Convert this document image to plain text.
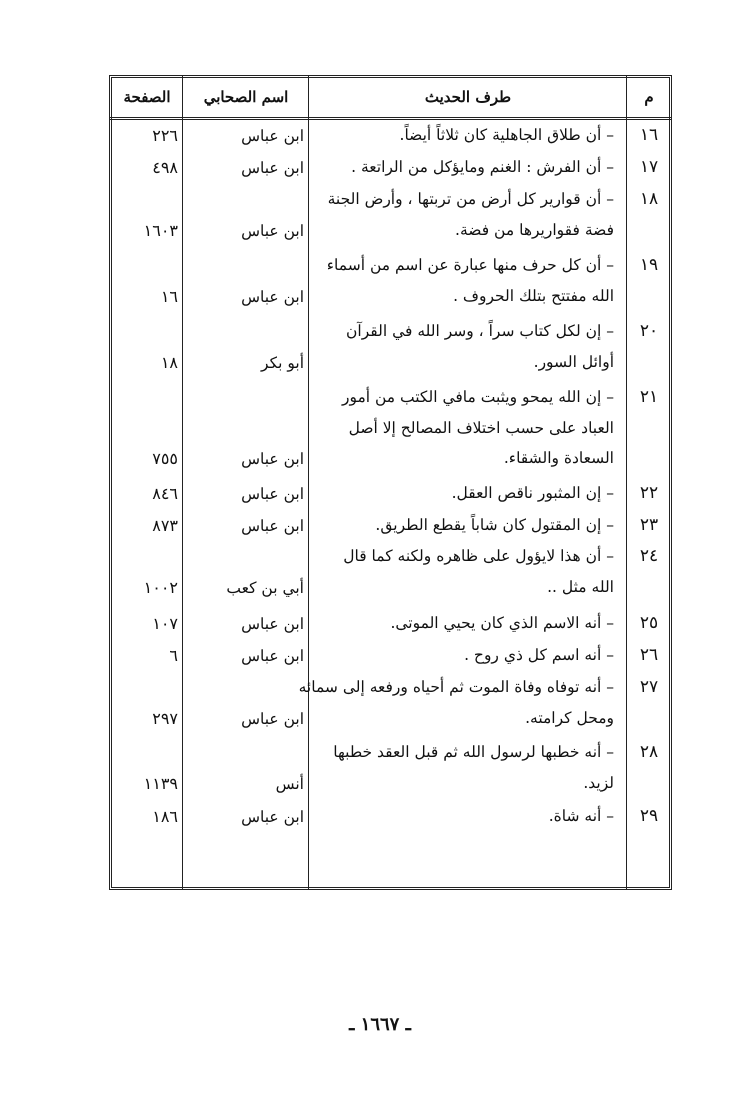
م
طرف الحديث
اسم الصحابي
الصفحة
١٦
– أن طلاق الجاهلية كان ثلاثاً أيضاً.
ابن عباس
٢٢٦
١٧
– أن الفرش : الغنم ومايؤكل من الراتعة .
ابن عباس
٤٩٨
١٨
– أن قوارير كل أرض من تربتها ، وأرض الجنة
فضة فقواريرها من فضة.
ابن عباس
١٦٠٣
١٩
– أن كل حرف منها عبارة عن اسم من أسماء
الله مفتتح بتلك الحروف .
ابن عباس
١٦
٢٠
– إن لكل كتاب سراً ، وسر الله في القرآن
أوائل السور.
أبو بكر
١٨
٢١
– إن الله يمحو ويثبت مافي الكتب من أمور
العباد على حسب اختلاف المصالح إلا أصل
السعادة والشقاء.
ابن عباس
٧٥٥
٢٢
– إن المثبور ناقص العقل.
ابن عباس
٨٤٦
٢٣
– إن المقتول كان شاباً يقطع الطريق.
ابن عباس
٨٧٣
٢٤
– أن هذا لايؤول على ظاهره ولكنه كما قال
الله مثل ..
أبي بن كعب
١٠٠٢
٢٥
– أنه الاسم الذي كان يحيي الموتى.
ابن عباس
١٠٧
٢٦
– أنه اسم كل ذي روح .
ابن عباس
٦
٢٧
– أنه توفاه وفاة الموت ثم أحياه ورفعه إلى سمائه
ومحل كرامته.
ابن عباس
٢٩٧
٢٨
– أنه خطبها لرسول الله ثم قبل العقد خطبها
لزيد.
أنس
١١٣٩
٢٩
– أنه شاة.
ابن عباس
١٨٦
ـ ١٦٦٧ ـ
